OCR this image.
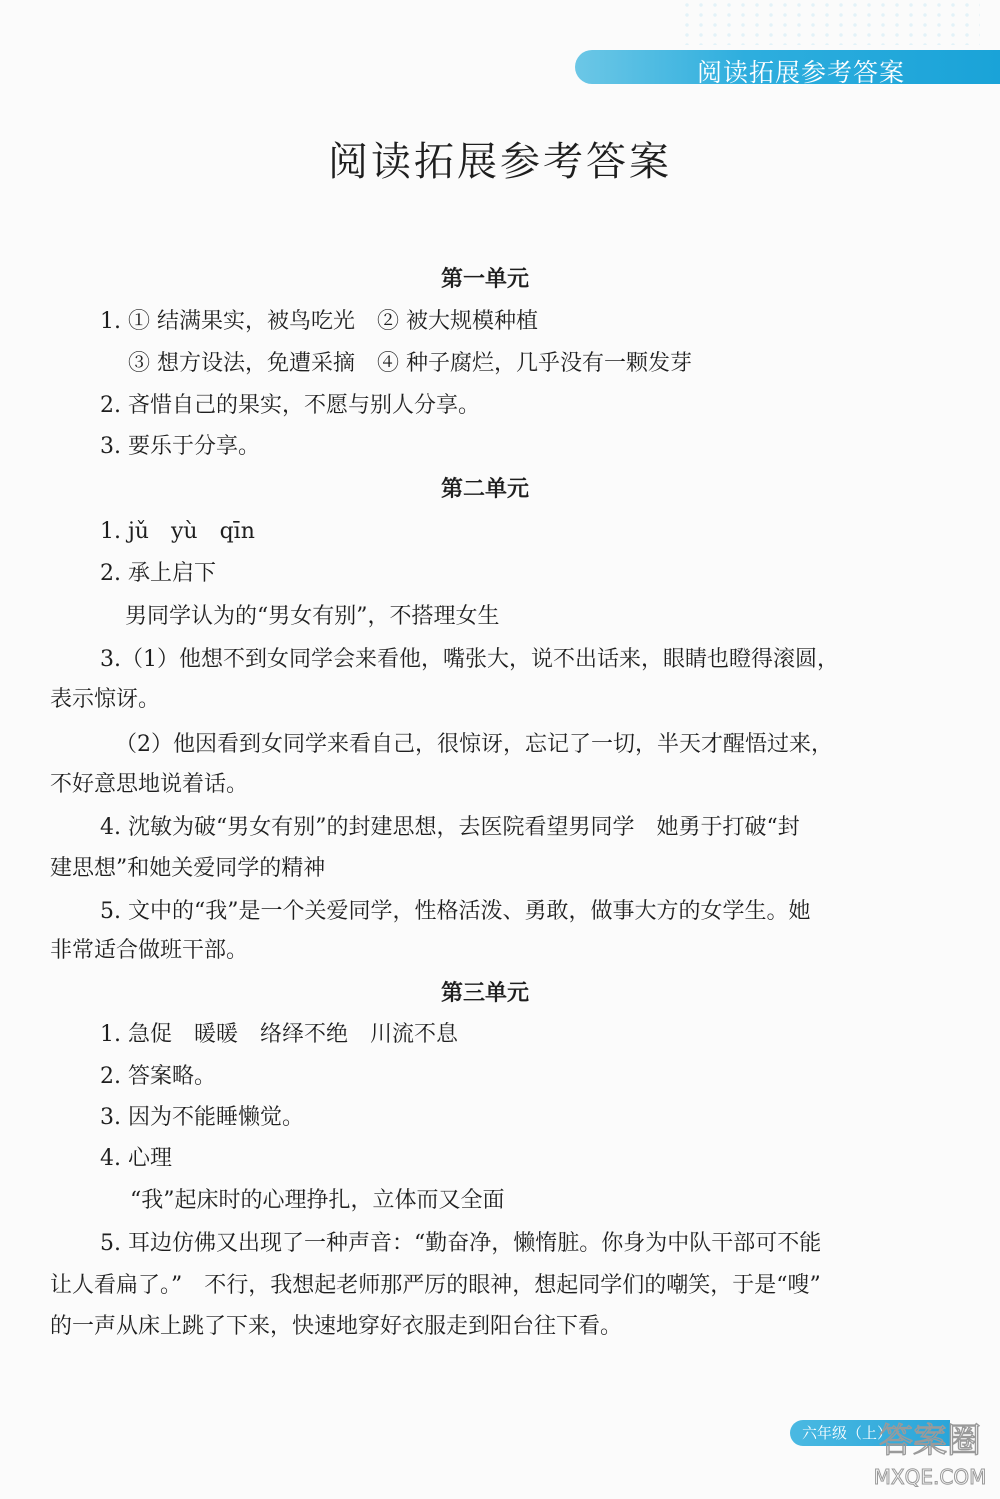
阅读拓展参考答案
阅读拓展参考答案
第一单元
1. ① 结满果实，被鸟吃光　② 被大规模种植
③ 想方设法，免遭采摘　④ 种子腐烂，几乎没有一颗发芽
2. 吝惜自己的果实，不愿与别人分享。
3. 要乐于分享。
第二单元
1. jǔ　yù　qīn
2. 承上启下
男同学认为的“男女有别”，不搭理女生
3.（1）他想不到女同学会来看他，嘴张大，说不出话来，眼睛也瞪得滚圆，
表示惊讶。
（2）他因看到女同学来看自己，很惊讶，忘记了一切，半天才醒悟过来，
不好意思地说着话。
4. 沈敏为破“男女有别”的封建思想，去医院看望男同学　她勇于打破“封
建思想”和她关爱同学的精神
5. 文中的“我”是一个关爱同学，性格活泼、勇敢，做事大方的女学生。她
非常适合做班干部。
第三单元
1. 急促　暖暖　络绎不绝　川流不息
2. 答案略。
3. 因为不能睡懒觉。
4. 心理
“我”起床时的心理挣扎，立体而又全面
5. 耳边仿佛又出现了一种声音：“勤奋净，懒惰脏。你身为中队干部可不能
让人看扁了。”　不行，我想起老师那严厉的眼神，想起同学们的嘲笑，于是“嗖”
的一声从床上跳了下来，快速地穿好衣服走到阳台往下看。
六年级（上）
答案圈
MXQE.COM
